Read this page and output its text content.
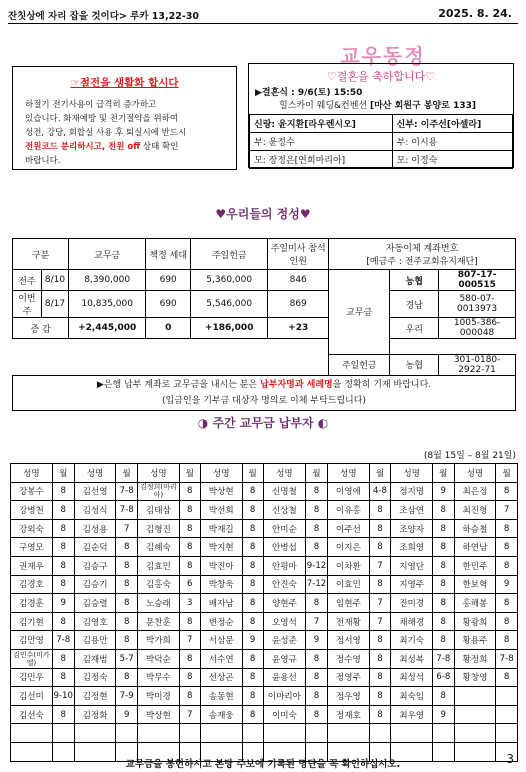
잔칫상에 자리 잡을 것이다> 루카 13,22-30	2025. 8. 24.
교우동정
☞절전을 생활화 합시다
하절기 전기사용이 급격히 증가하고
있습니다. 화재예방 및 전기절약을 위하여
성전, 강당, 회합실 사용 후 퇴실시에 반드시
전원코드 분리하시고, 전원 off 상태 확인
바랍니다.
♡결혼을 축하합니다♡
▶결혼식 : 9/6(토) 15:50
힐스카이 웨딩&컨벤션 [마산 회원구 봉양로 133]
신랑: 윤지환[라우렌시오]	신부: 이주선[아셀라]
부: 윤정수	부: 이시용
모: 장정은[연희마리아]	모: 이정숙
♥우리들의 정성♥
구분		교무금	책정 세대	주일헌금	주일미사 참석인원	자동이체 계좌번호
[예금주 : 전주교회유지재단]		

전주	8/10	8,390,000	690	5,360,000	846	교무금	농협	807-17-000515
이번주	8/17	10,835,000	690	5,546,000	869		경남	580-07-0013973
증 감		+2,445,000	0	+186,000	+23		우리	1005-386-000048

						주일헌금	농협	301-0180-2922-71

▶은행 납부 계좌로 교무금을 내시는 분은 납부자명과 세례명을 정확히 기재 바랍니다.
(입금인을 기부금 대상자 명의로 이체 부탁드립니다)								
◑ 주간 교무금 납부자 ◐
(8월 15일 – 8월 21일)
성명	월	성명	월	성명	월	성명	월	성명	월	성명	월	성명	월	성명	월
강봉수	8	김선영	7-8	김정희(마리아)	8	박상현	8	신명철	8	이영애	4-8	정지명	9	최은정	8
강병천	8	김성식	7-8	김태삼	8	박선희	8	신상철	8	이유홍	8	조삼연	8	최진형	7
강외숙	8	김성용	7	김형진	8	박재길	8	안미순	8	이주선	8	조양자	8	하승철	8
구영모	8	김순덕	8	김혜숙	8	박지현	8	안병섭	8	이지은	8	조희영	8	하연남	8
권재우	8	김승구	8	김효민	8	박진아	8	안평마	9-12	이차환	7	지영단	8	한민주	8
김경호	8	김승기	8	김홍숙	6	박창욱	8	안진숙	7-12	이효민	8	지영주	8	한보혁	9
김경훈	9	김승렬	8	노승래	3	배자남	8	양현주	8	임현주	7	진미경	8	홍해봉	8
김기현	8	김영호	8	문찬훈	8	변정순	8	오영석	7	전재황	7	채해경	8	황광희	8
김만영	7-8	김용만	8	박가희	7	서삼문	9	윤성준	9	정서영	8	최기숙	8	황용주	8
김민수(미카엘)	8	김재범	5-7	박덕순	8	서수연	8	윤영규	8	정수영	8	최성복	7-8	황정희	7-8
김민우	8	김정숙	8	박무수	8	선상곤	8	윤용선	8	정영주	8	최성석	6-8	황창영	8
김선미	9-10	김정현	7-9	박미경	8	송동현	8	이마리아	8	정우영	8	최숙임	8		
김선숙	8	김정화	9	박상현	7	송재웅	8	이미숙	8	정재호	8	최우영	9		

교무금을 봉헌하시고 본당 주보에 기록된 명단을 꼭 확인하십시오.	3
